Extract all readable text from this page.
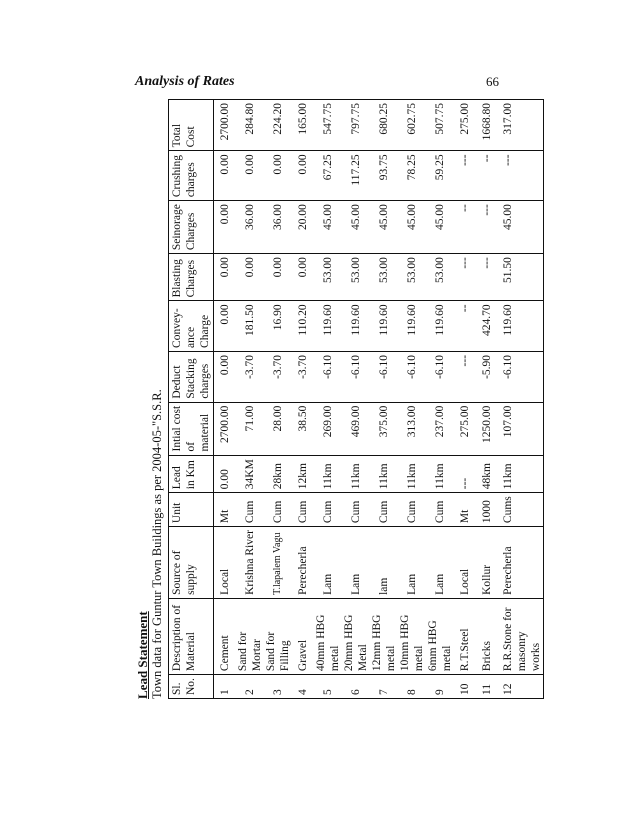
Analysis of Rates	66
Lead Statement Town data for Guntur Town Buildings as per 2004-05-"S.S.R. Sl. No.	Description of Material	Source of supply	Unit	Lead in Km	Intial cost of material	Deduct Stacking charges	Convey-ance Charge	Blasting Charges	Seinorage Charges	Crushing charges	Total Cost
1	Cement	Local	Mt	0.00	2700.00	0.00	0.00	0.00	0.00	0.00	2700.00
2	Sand for Mortar	Krishna River	Cum	34KM	71.00	-3.70	181.50	0.00	36.00	0.00	284.80
3	Sand for Filling	T.lapalem Vagu	Cum	28km	28.00	-3.70	16.90	0.00	36.00	0.00	224.20
4	Gravel	Perecherla	Cum	12km	38.50	-3.70	110.20	0.00	20.00	0.00	165.00
5	40mm HBG metal	Lam	Cum	11km	269.00	-6.10	119.60	53.00	45.00	67.25	547.75
6	20mm HBG Metal	Lam	Cum	11km	469.00	-6.10	119.60	53.00	45.00	117.25	797.75
7	12mm HBG metal	lam	Cum	11km	375.00	-6.10	119.60	53.00	45.00	93.75	680.25
8	10mm HBG metal	Lam	Cum	11km	313.00	-6.10	119.60	53.00	45.00	78.25	602.75
9	6mm HBG metal	Lam	Cum	11km	237.00	-6.10	119.60	53.00	45.00	59.25	507.75
10	R.T.Steel	Local	Mt	---	275.00	---	--	---	--	---	275.00
11	Bricks	Kollur	1000	48km	1250.00	-5.90	424.70	---	---	--	1668.80
12	R.R.Stone for masonry works	Perecherla	Cums	11km	107.00	-6.10	119.60	51.50	45.00	---	317.00
